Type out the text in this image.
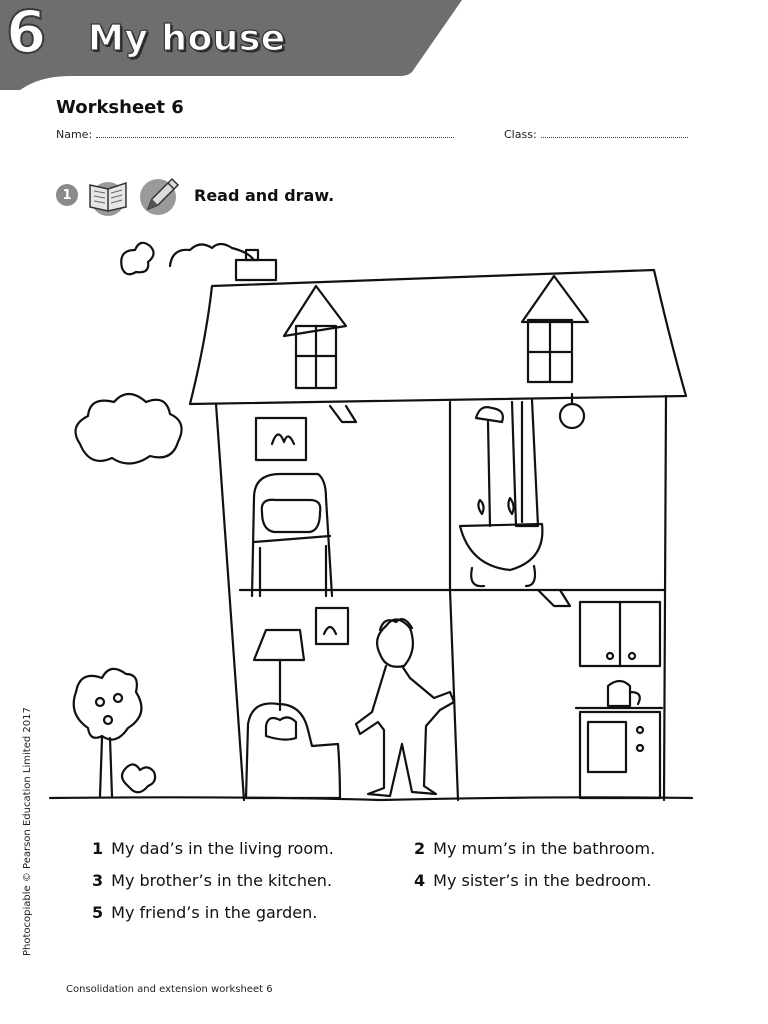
6 My house
Worksheet 6
Name:	Class:
1	Read and draw.
1 My dad’s in the living room.	2 My mum’s in the bathroom.
3 My brother’s in the kitchen.	4 My sister’s in the bedroom.
5 My friend’s in the garden.
Photocopiable © Pearson Education Limited 2017
Consolidation and extension worksheet 6
